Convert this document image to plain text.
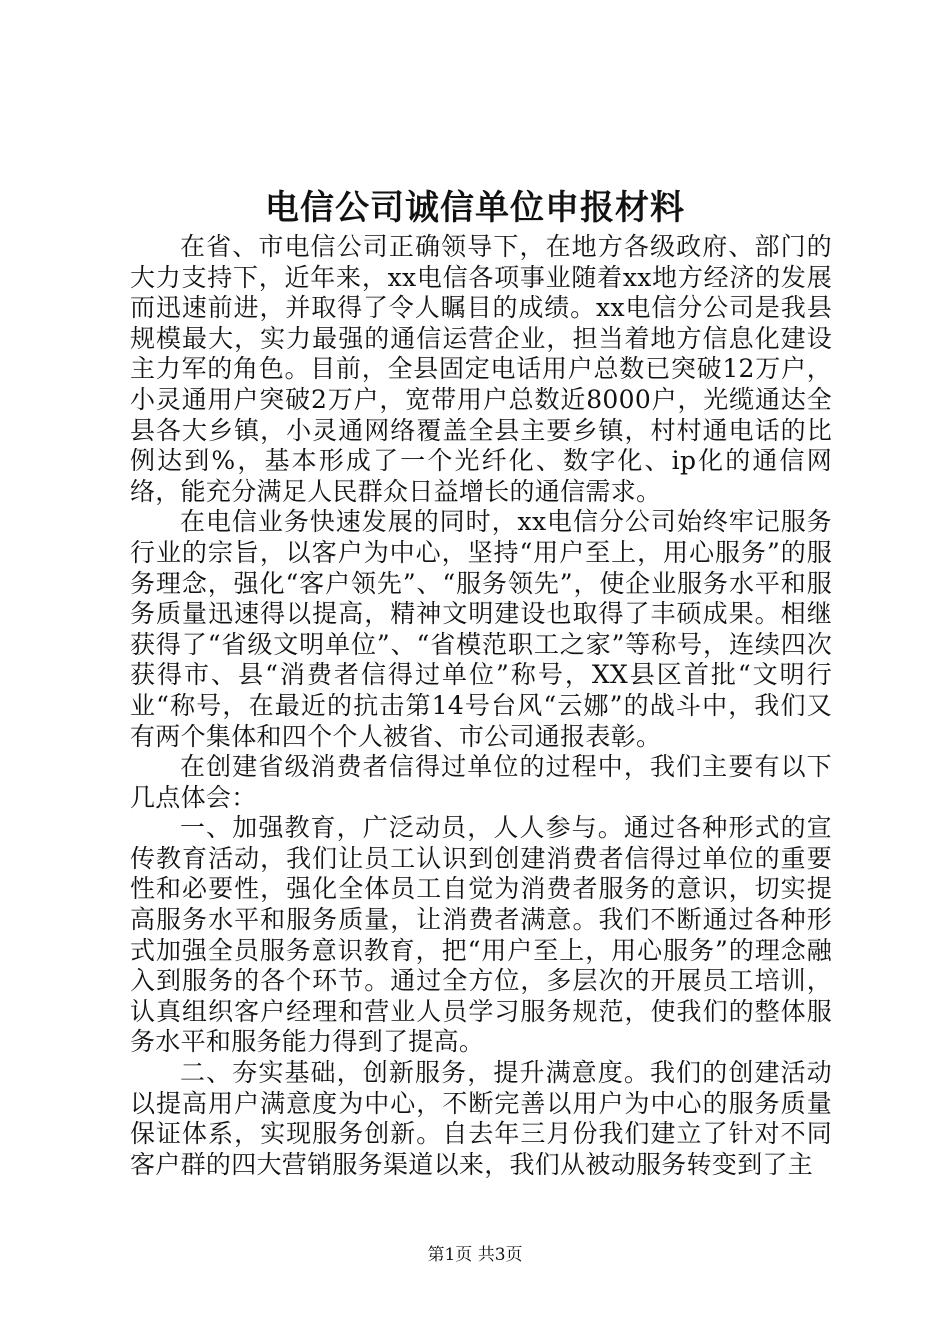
电信公司诚信单位申报材料

在省、市电信公司正确领导下，在地方各级政府、部门的大力支持下，近年来，xx电信各项事业随着xx地方经济的发展而迅速前进，并取得了令人瞩目的成绩。xx电信分公司是我县规模最大，实力最强的通信运营企业，担当着地方信息化建设主力军的角色。目前，全县固定电话用户总数已突破12万户，小灵通用户突破2万户，宽带用户总数近8000户，光缆通达全县各大乡镇，小灵通网络覆盖全县主要乡镇，村村通电话的比例达到%，基本形成了一个光纤化、数字化、ip化的通信网络，能充分满足人民群众日益增长的通信需求。

在电信业务快速发展的同时，xx电信分公司始终牢记服务行业的宗旨，以客户为中心，坚持“用户至上，用心服务”的服务理念，强化“客户领先”、“服务领先”，使企业服务水平和服务质量迅速得以提高，精神文明建设也取得了丰硕成果。相继获得了“省级文明单位”、“省模范职工之家”等称号，连续四次获得市、县“消费者信得过单位”称号，XX县区首批“文明行业“称号，在最近的抗击第14号台风“云娜”的战斗中，我们又有两个集体和四个个人被省、市公司通报表彰。

在创建省级消费者信得过单位的过程中，我们主要有以下几点体会：

一、加强教育，广泛动员，人人参与。通过各种形式的宣传教育活动，我们让员工认识到创建消费者信得过单位的重要性和必要性，强化全体员工自觉为消费者服务的意识，切实提高服务水平和服务质量，让消费者满意。我们不断通过各种形式加强全员服务意识教育，把“用户至上，用心服务”的理念融入到服务的各个环节。通过全方位，多层次的开展员工培训，认真组织客户经理和营业人员学习服务规范，使我们的整体服务水平和服务能力得到了提高。

二、夯实基础，创新服务，提升满意度。我们的创建活动以提高用户满意度为中心，不断完善以用户为中心的服务质量保证体系，实现服务创新。自去年三月份我们建立了针对不同客户群的四大营销服务渠道以来，我们从被动服务转变到了主

第1页 共3页
